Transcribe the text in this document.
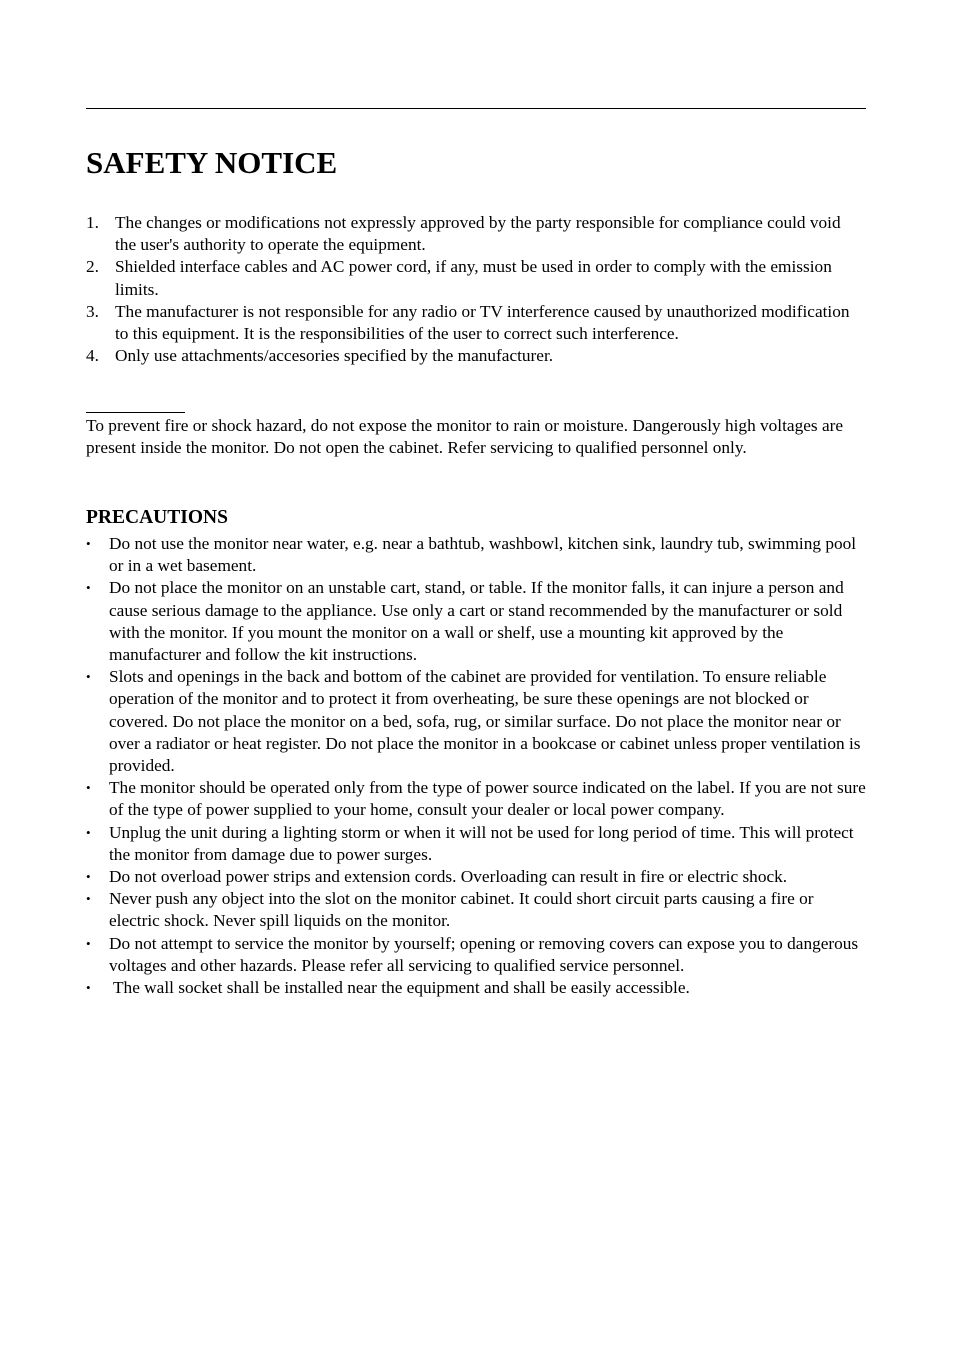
SAFETY NOTICE
1. The changes or modifications not expressly approved by the party responsible for compliance could void the user's authority to operate the equipment.
2. Shielded interface cables and AC power cord, if any, must be used in order to comply with the emission limits.
3. The manufacturer is not responsible for any radio or TV interference caused by unauthorized modification to this equipment. It is the responsibilities of the user to correct such interference.
4. Only use attachments/accesories specified by the manufacturer.

To prevent fire or shock hazard, do not expose the monitor to rain or moisture. Dangerously high voltages are present inside the monitor. Do not open the cabinet. Refer servicing to qualified personnel only.

PRECAUTIONS
•	Do not use the monitor near water, e.g. near a bathtub, washbowl, kitchen sink, laundry tub, swimming pool or in a wet basement.
•	Do not place the monitor on an unstable cart, stand, or table. If the monitor falls, it can injure a person and cause serious damage to the appliance. Use only a cart or stand recommended by the manufacturer or sold with the monitor. If you mount the monitor on a wall or shelf, use a mounting kit approved by the manufacturer and follow the kit instructions.
•	Slots and openings in the back and bottom of the cabinet are provided for ventilation. To ensure reliable operation of the monitor and to protect it from overheating, be sure these openings are not blocked or covered. Do not place the monitor on a bed, sofa, rug, or similar surface. Do not place the monitor near or over a radiator or heat register. Do not place the monitor in a bookcase or cabinet unless proper ventilation is provided.
•	The monitor should be operated only from the type of power source indicated on the label. If you are not sure of the type of power supplied to your home, consult your dealer or local power company.
•	Unplug the unit during a lighting storm or when it will not be used for long period of time. This will protect the monitor from damage due to power surges.
•	Do not overload power strips and extension cords. Overloading can result in fire or electric shock.
•	Never push any object into the slot on the monitor cabinet. It could short circuit parts causing a fire or electric shock. Never spill liquids on the monitor.
•	Do not attempt to service the monitor by yourself; opening or removing covers can expose you to dangerous voltages and other hazards. Please refer all servicing to qualified service personnel.
•	The wall socket shall be installed near the equipment and shall be easily accessible.
